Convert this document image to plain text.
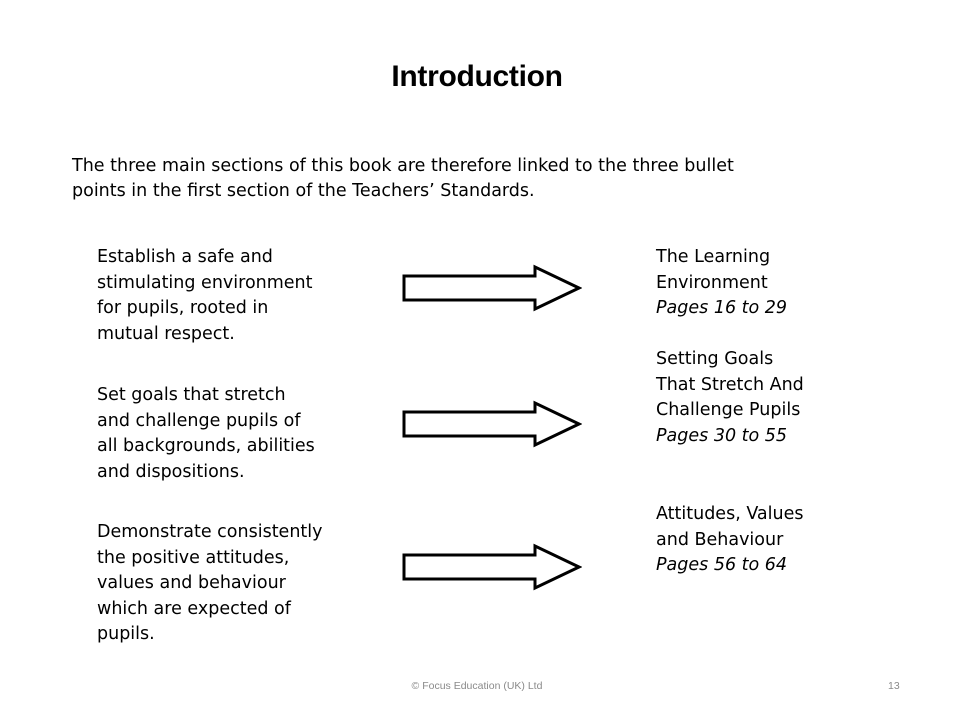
Introduction

The three main sections of this book are therefore linked to the three bullet

points in the first section of the Teachers’ Standards.

Establish a safe and

stimulating environment

for pupils, rooted in

mutual respect.

Set goals that stretch

and challenge pupils of

all backgrounds, abilities

and dispositions.

Demonstrate consistently

the positive attitudes,

values and behaviour

which are expected of

pupils.

The Learning

Environment

Pages 16 to 29

Setting Goals

That Stretch And

Challenge Pupils

Pages 30 to 55

Attitudes, Values

and Behaviour

Pages 56 to 64

© Focus Education (UK) Ltd	13
